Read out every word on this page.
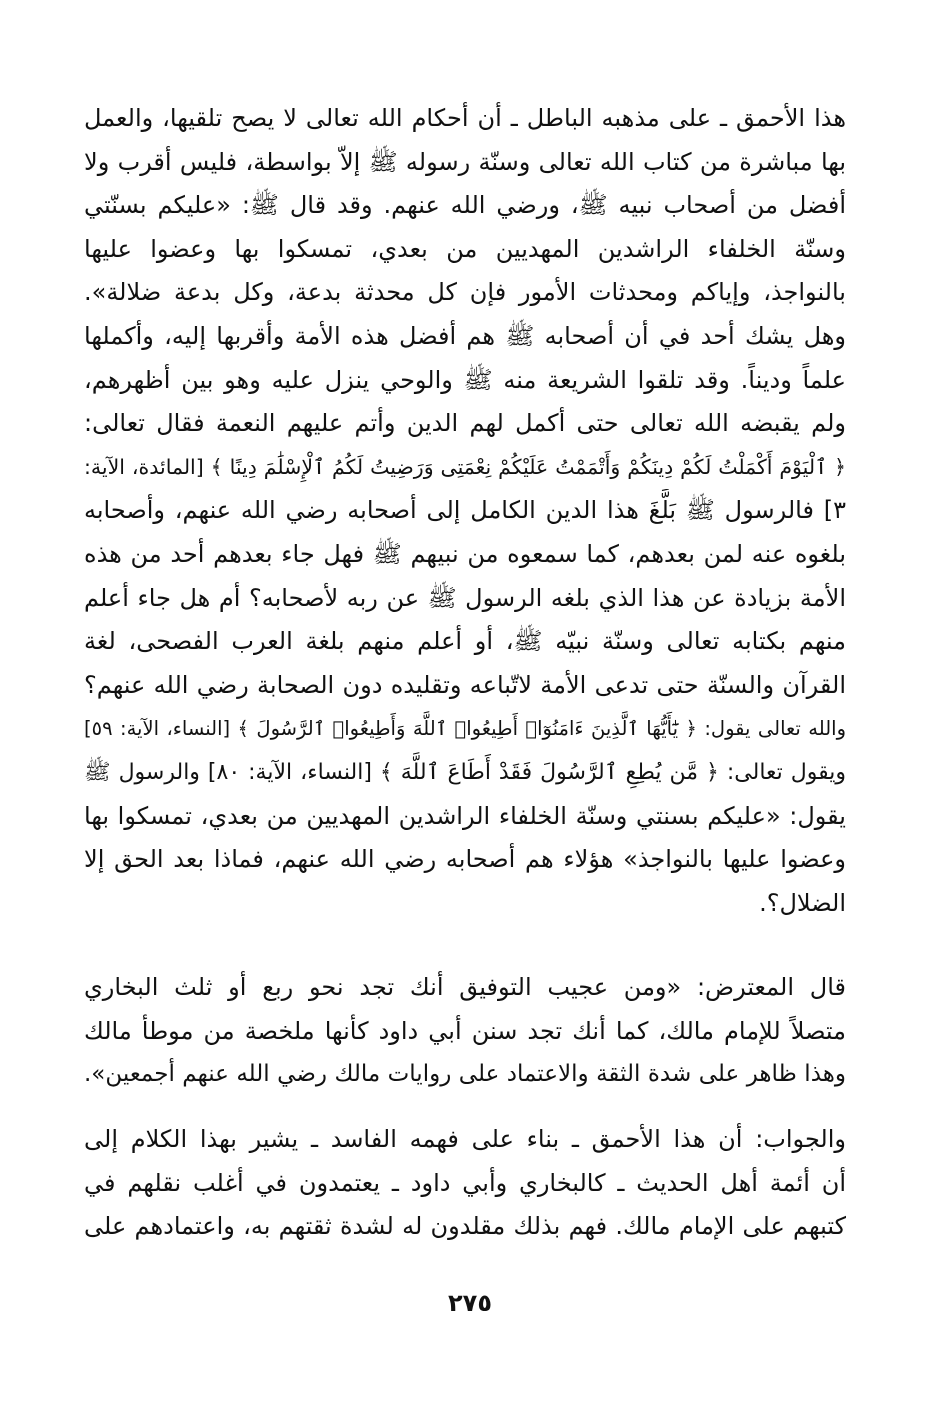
هذا الأحمق ـ على مذهبه الباطل ـ أن أحكام الله تعالى لا يصح تلقيها، والعمل
بها مباشرة من كتاب الله تعالى وسنّة رسوله ﷺ إلاّ بواسطة، فليس أقرب ولا
أفضل من أصحاب نبيه ﷺ، ورضي الله عنهم. وقد قال ﷺ: «عليكم بسنّتي
وسنّة الخلفاء الراشدين المهديين من بعدي، تمسكوا بها وعضوا عليها
بالنواجذ، وإياكم ومحدثات الأمور فإن كل محدثة بدعة، وكل بدعة ضلالة».
وهل يشك أحد في أن أصحابه ﷺ هم أفضل هذه الأمة وأقربها إليه، وأكملها
علماً وديناً. وقد تلقوا الشريعة منه ﷺ والوحي ينزل عليه وهو بين أظهرهم،
ولم يقبضه الله تعالى حتى أكمل لهم الدين وأتم عليهم النعمة فقال تعالى:
﴿ ٱلْيَوْمَ أَكْمَلْتُ لَكُمْ دِينَكُمْ وَأَتْمَمْتُ عَلَيْكُمْ نِعْمَتِى وَرَضِيتُ لَكُمُ ٱلْإِسْلَٰمَ دِينًا ﴾ [المائدة، الآية:
٣] فالرسول ﷺ بَلَّغَ هذا الدين الكامل إلى أصحابه رضي الله عنهم، وأصحابه
بلغوه عنه لمن بعدهم، كما سمعوه من نبيهم ﷺ فهل جاء بعدهم أحد من هذه
الأمة بزيادة عن هذا الذي بلغه الرسول ﷺ عن ربه لأصحابه؟ أم هل جاء أعلم
منهم بكتابه تعالى وسنّة نبيّه ﷺ، أو أعلم منهم بلغة العرب الفصحى، لغة
القرآن والسنّة حتى تدعى الأمة لاتّباعه وتقليده دون الصحابة رضي الله عنهم؟
والله تعالى يقول: ﴿ يَٰٓأَيُّهَا ٱلَّذِينَ ءَامَنُوٓا۟ أَطِيعُوا۟ ٱللَّهَ وَأَطِيعُوا۟ ٱلرَّسُولَ ﴾ [النساء، الآية: ٥٩]
ويقول تعالى: ﴿ مَّن يُطِعِ ٱلرَّسُولَ فَقَدْ أَطَاعَ ٱللَّهَ ﴾ [النساء، الآية: ٨٠] والرسول ﷺ
يقول: «عليكم بسنتي وسنّة الخلفاء الراشدين المهديين من بعدي، تمسكوا بها
وعضوا عليها بالنواجذ» هؤلاء هم أصحابه رضي الله عنهم، فماذا بعد الحق إلا
الضلال؟.
قال المعترض: «ومن عجيب التوفيق أنك تجد نحو ربع أو ثلث البخاري
متصلاً للإمام مالك، كما أنك تجد سنن أبي داود كأنها ملخصة من موطأ مالك
وهذا ظاهر على شدة الثقة والاعتماد على روايات مالك رضي الله عنهم أجمعين».
والجواب: أن هذا الأحمق ـ بناء على فهمه الفاسد ـ يشير بهذا الكلام إلى
أن أئمة أهل الحديث ـ كالبخاري وأبي داود ـ يعتمدون في أغلب نقلهم في
كتبهم على الإمام مالك. فهم بذلك مقلدون له لشدة ثقتهم به، واعتمادهم على
٢٧٥
